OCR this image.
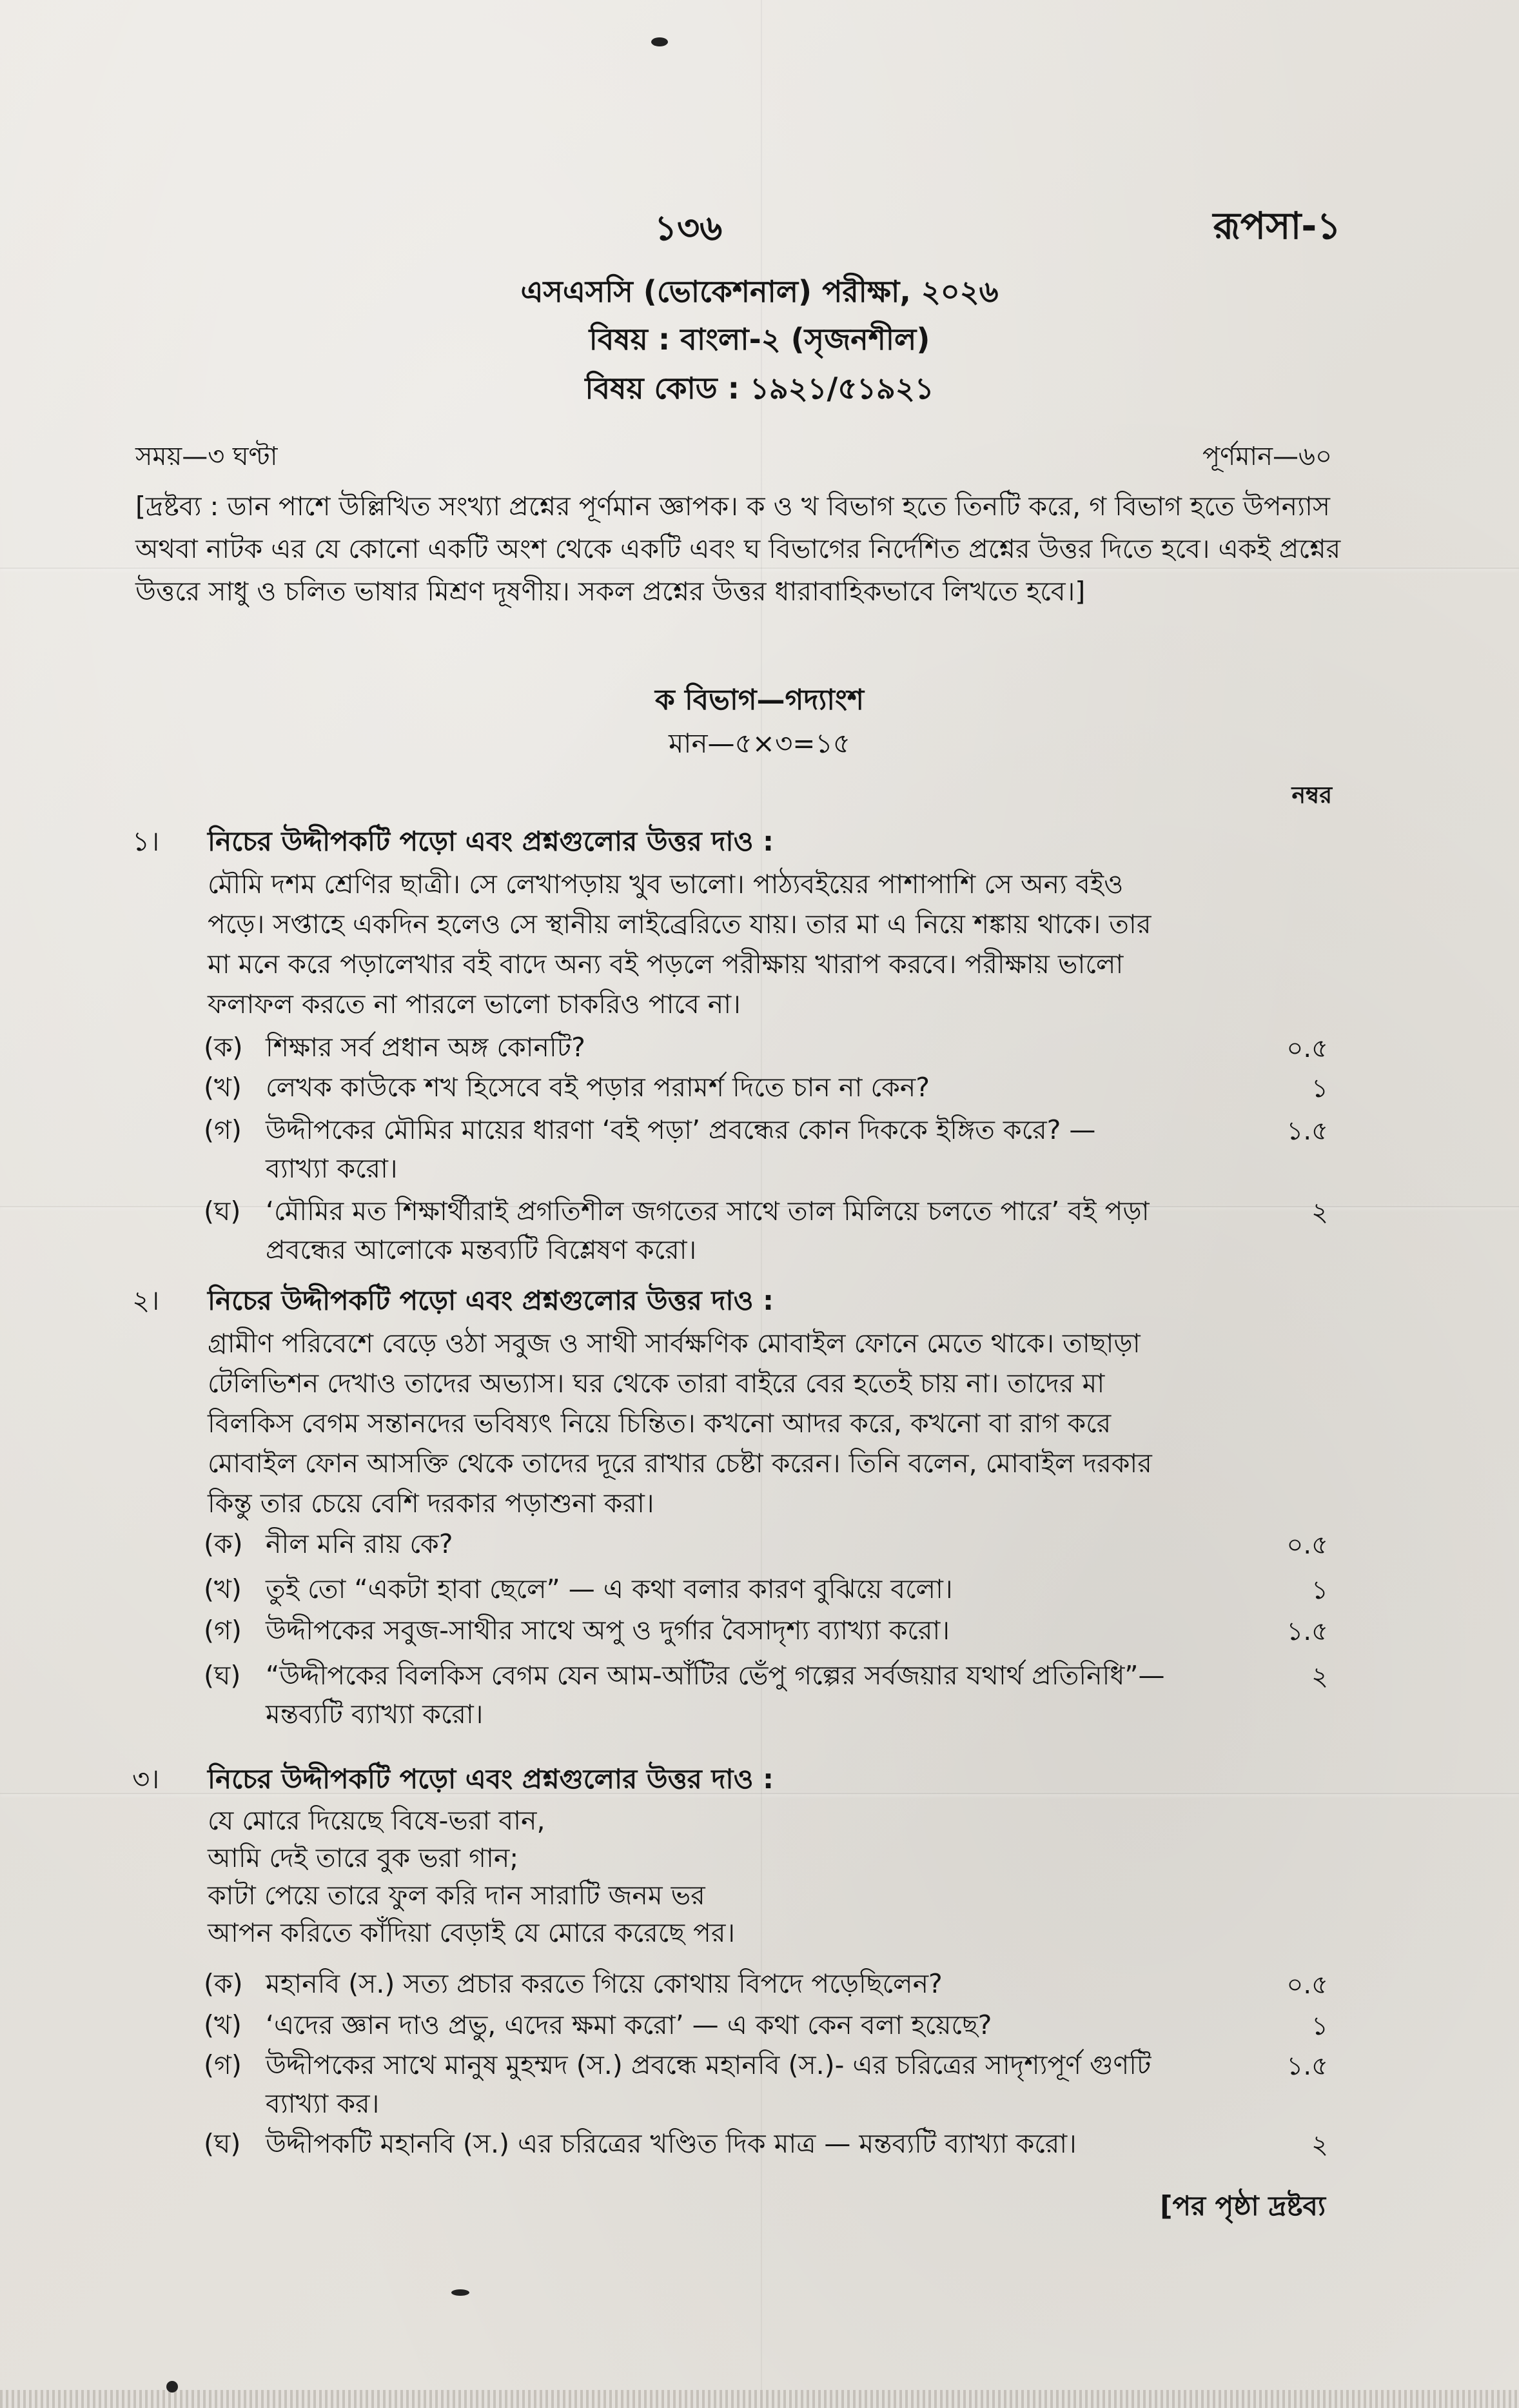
১৩৬	রূপসা-১
এসএসসি (ভোকেশনাল) পরীক্ষা, ২০২৬
বিষয় : বাংলা-২ (সৃজনশীল)
বিষয় কোড : ১৯২১/৫১৯২১
সময়—৩ ঘণ্টা	পূর্ণমান—৬০
[দ্রষ্টব্য : ডান পাশে উল্লিখিত সংখ্যা প্রশ্নের পূর্ণমান জ্ঞাপক। ক ও খ বিভাগ হতে তিনটি করে, গ বিভাগ হতে উপন্যাস অথবা নাটক এর যে কোনো একটি অংশ থেকে একটি এবং ঘ বিভাগের নির্দেশিত প্রশ্নের উত্তর দিতে হবে। একই প্রশ্নের উত্তরে সাধু ও চলিত ভাষার মিশ্রণ দূষণীয়। সকল প্রশ্নের উত্তর ধারাবাহিকভাবে লিখতে হবে।]
ক বিভাগ—গদ্যাংশ
মান—৫×৩=১৫
নম্বর
১। নিচের উদ্দীপকটি পড়ো এবং প্রশ্নগুলোর উত্তর দাও :
মৌমি দশম শ্রেণির ছাত্রী। সে লেখাপড়ায় খুব ভালো। পাঠ্যবইয়ের পাশাপাশি সে অন্য বইও
পড়ে। সপ্তাহে একদিন হলেও সে স্থানীয় লাইব্রেরিতে যায়। তার মা এ নিয়ে শঙ্কায় থাকে। তার
মা মনে করে পড়ালেখার বই বাদে অন্য বই পড়লে পরীক্ষায় খারাপ করবে। পরীক্ষায় ভালো
ফলাফল করতে না পারলে ভালো চাকরিও পাবে না।
(ক) শিক্ষার সর্ব প্রধান অঙ্গ কোনটি?	০.৫
(খ) লেখক কাউকে শখ হিসেবে বই পড়ার পরামর্শ দিতে চান না কেন?	১
(গ) উদ্দীপকের মৌমির মায়ের ধারণা ‘বই পড়া’ প্রবন্ধের কোন দিককে ইঙ্গিত করে? —
ব্যাখ্যা করো।
১.৫
(ঘ) ‘মৌমির মত শিক্ষার্থীরাই প্রগতিশীল জগতের সাথে তাল মিলিয়ে চলতে পারে’ বই পড়া
প্রবন্ধের আলোকে মন্তব্যটি বিশ্লেষণ করো।
২
২। নিচের উদ্দীপকটি পড়ো এবং প্রশ্নগুলোর উত্তর দাও :
গ্রামীণ পরিবেশে বেড়ে ওঠা সবুজ ও সাথী সার্বক্ষণিক মোবাইল ফোনে মেতে থাকে। তাছাড়া
টেলিভিশন দেখাও তাদের অভ্যাস। ঘর থেকে তারা বাইরে বের হতেই চায় না। তাদের মা
বিলকিস বেগম সন্তানদের ভবিষ্যৎ নিয়ে চিন্তিত। কখনো আদর করে, কখনো বা রাগ করে
মোবাইল ফোন আসক্তি থেকে তাদের দূরে রাখার চেষ্টা করেন। তিনি বলেন, মোবাইল দরকার
কিন্তু তার চেয়ে বেশি দরকার পড়াশুনা করা।
(ক) নীল মনি রায় কে?	০.৫
(খ) তুই তো “একটা হাবা ছেলে” — এ কথা বলার কারণ বুঝিয়ে বলো।	১
(গ) উদ্দীপকের সবুজ-সাথীর সাথে অপু ও দুর্গার বৈসাদৃশ্য ব্যাখ্যা করো।	১.৫
(ঘ) “উদ্দীপকের বিলকিস বেগম যেন আম-আঁটির ভেঁপু গল্পের সর্বজয়ার যথার্থ প্রতিনিধি”—
মন্তব্যটি ব্যাখ্যা করো।
২
৩। নিচের উদ্দীপকটি পড়ো এবং প্রশ্নগুলোর উত্তর দাও :
যে মোরে দিয়েছে বিষে-ভরা বান,
আমি দেই তারে বুক ভরা গান;
কাটা পেয়ে তারে ফুল করি দান সারাটি জনম ভর
আপন করিতে কাঁদিয়া বেড়াই যে মোরে করেছে পর।
(ক) মহানবি (স.) সত্য প্রচার করতে গিয়ে কোথায় বিপদে পড়েছিলেন?	০.৫
(খ) ‘এদের জ্ঞান দাও প্রভু, এদের ক্ষমা করো’ — এ কথা কেন বলা হয়েছে?	১
(গ) উদ্দীপকের সাথে মানুষ মুহম্মদ (স.) প্রবন্ধে মহানবি (স.)- এর চরিত্রের সাদৃশ্যপূর্ণ গুণটি
ব্যাখ্যা কর।
১.৫
(ঘ) উদ্দীপকটি মহানবি (স.) এর চরিত্রের খণ্ডিত দিক মাত্র — মন্তব্যটি ব্যাখ্যা করো।	২
[পর পৃষ্ঠা দ্রষ্টব্য
